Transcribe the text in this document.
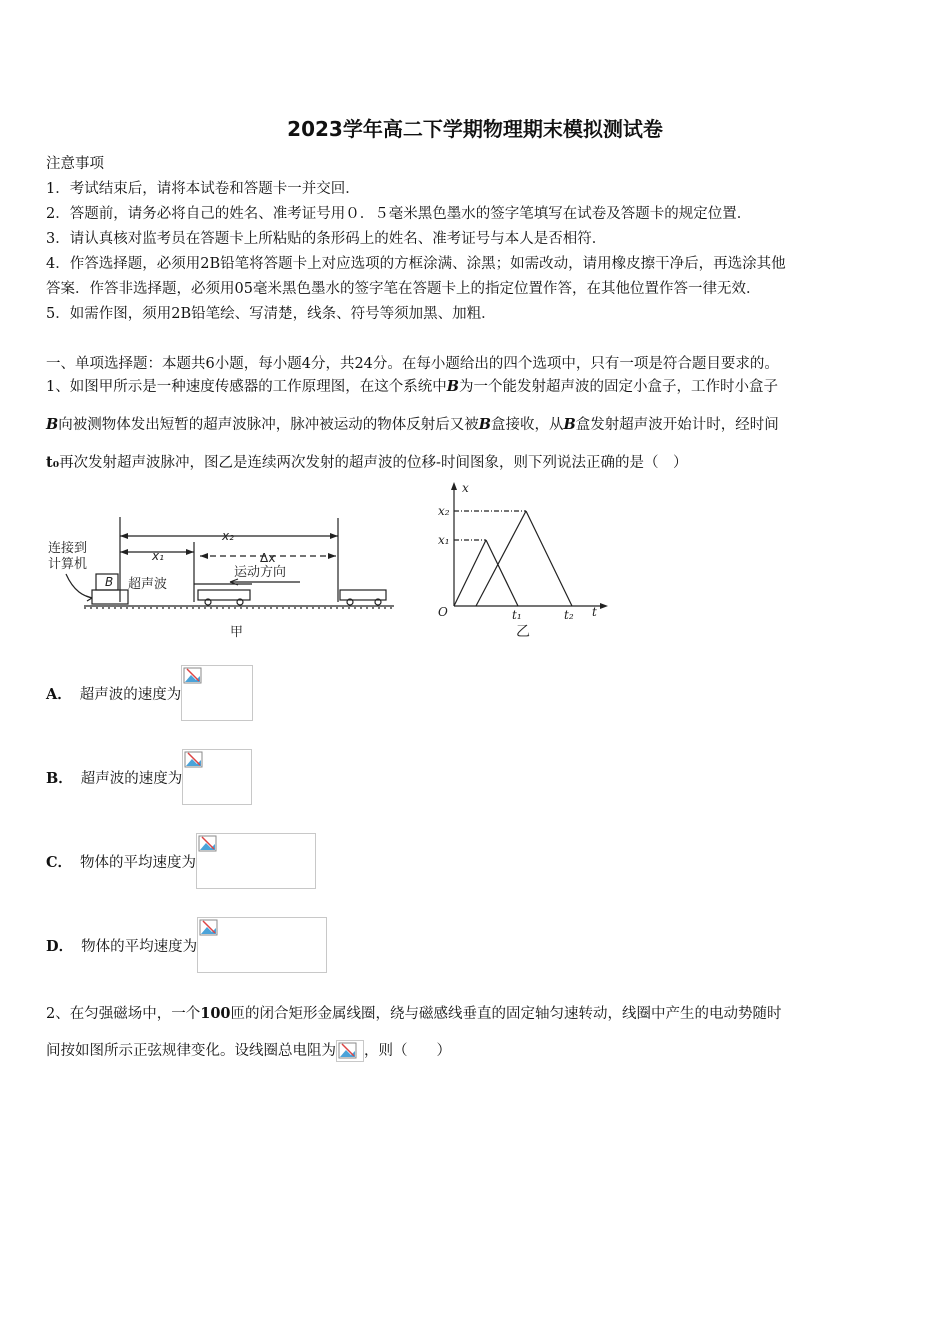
2023学年高二下学期物理期末模拟测试卷
注意事项
1．考试结束后，请将本试卷和答题卡一并交回．
2．答题前，请务必将自己的姓名、准考证号用０．５毫米黑色墨水的签字笔填写在试卷及答题卡的规定位置．
3．请认真核对监考员在答题卡上所粘贴的条形码上的姓名、准考证号与本人是否相符．
4．作答选择题，必须用2B铅笔将答题卡上对应选项的方框涂满、涂黑；如需改动，请用橡皮擦干净后，再选涂其他
答案．作答非选择题，必须用05毫米黑色墨水的签字笔在答题卡上的指定位置作答，在其他位置作答一律无效．
5．如需作图，须用2B铅笔绘、写清楚，线条、符号等须加黑、加粗．
一、单项选择题：本题共6小题，每小题4分，共24分。在每小题给出的四个选项中，只有一项是符合题目要求的。
1、如图甲所示是一种速度传感器的工作原理图，在这个系统中B为一个能发射超声波的固定小盒子，工作时小盒子
B向被测物体发出短暂的超声波脉冲，脉冲被运动的物体反射后又被B盒接收，从B盒发射超声波开始计时，经时间
t₀再次发射超声波脉冲，图乙是连续两次发射的超声波的位移-时间图象，则下列说法正确的是（　）
连接到
计算机
B 超声波
x₁
x₂
Δx
运动方向
甲
x
t
O
x₁
x₂
t₁	t₂
乙
A． 超声波的速度为
B． 超声波的速度为
C． 物体的平均速度为
D． 物体的平均速度为
2、在匀强磁场中，一个100匝的闭合矩形金属线圈，绕与磁感线垂直的固定轴匀速转动，线圈中产生的电动势随时
间按如图所示正弦规律变化。设线圈总电阻为 ，则（　　）
